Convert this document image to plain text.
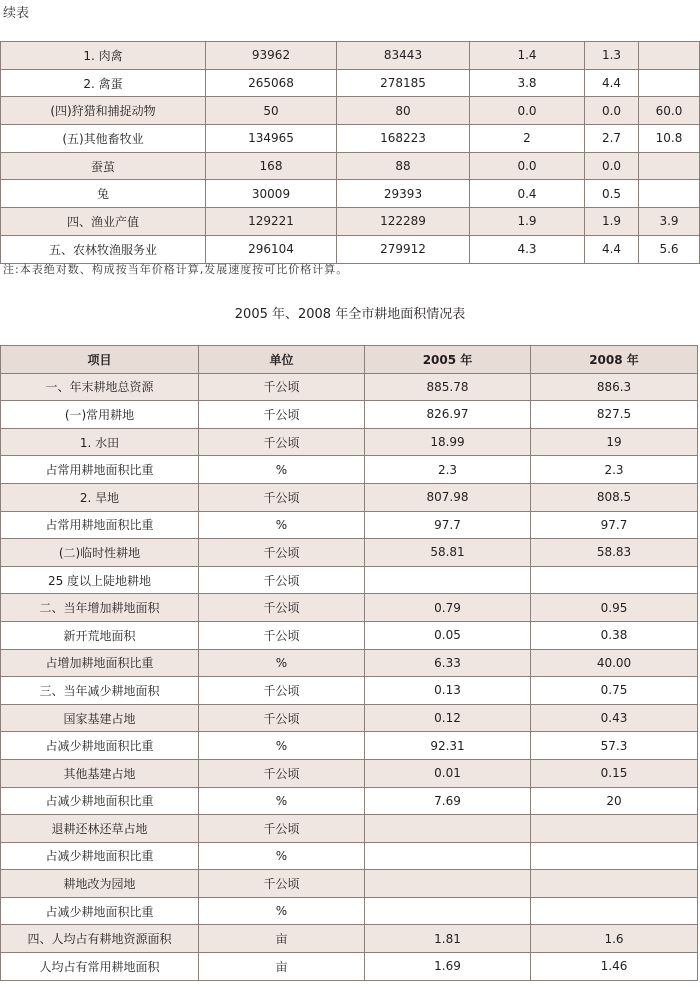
续表
1. 肉禽	93962	83443	1.4	1.3	
2. 禽蛋	265068	278185	3.8	4.4	
(四)狩猎和捕捉动物	50	80	0.0	0.0	60.0
(五)其他畜牧业	134965	168223	2	2.7	10.8
蚕茧	168	88	0.0	0.0	
兔	30009	29393	0.4	0.5	
四、渔业产值	129221	122289	1.9	1.9	3.9
五、农林牧渔服务业	296104	279912	4.3	4.4	5.6
注:本表绝对数、构成按当年价格计算,发展速度按可比价格计算。
2005 年、2008 年全市耕地面积情况表
项目	单位	2005 年	2008 年
一、年末耕地总资源	千公顷	885.78	886.3
(一)常用耕地	千公顷	826.97	827.5
1. 水田	千公顷	18.99	19
占常用耕地面积比重	%	2.3	2.3
2. 旱地	千公顷	807.98	808.5
占常用耕地面积比重	%	97.7	97.7
(二)临时性耕地	千公顷	58.81	58.83
25 度以上陡地耕地	千公顷		
二、当年增加耕地面积	千公顷	0.79	0.95
新开荒地面积	千公顷	0.05	0.38
占增加耕地面积比重	%	6.33	40.00
三、当年减少耕地面积	千公顷	0.13	0.75
国家基建占地	千公顷	0.12	0.43
占减少耕地面积比重	%	92.31	57.3
其他基建占地	千公顷	0.01	0.15
占减少耕地面积比重	%	7.69	20
退耕还林还草占地	千公顷		
占减少耕地面积比重	%		
耕地改为园地	千公顷		
占减少耕地面积比重	%		
四、人均占有耕地资源面积	亩	1.81	1.6
人均占有常用耕地面积	亩	1.69	1.46
